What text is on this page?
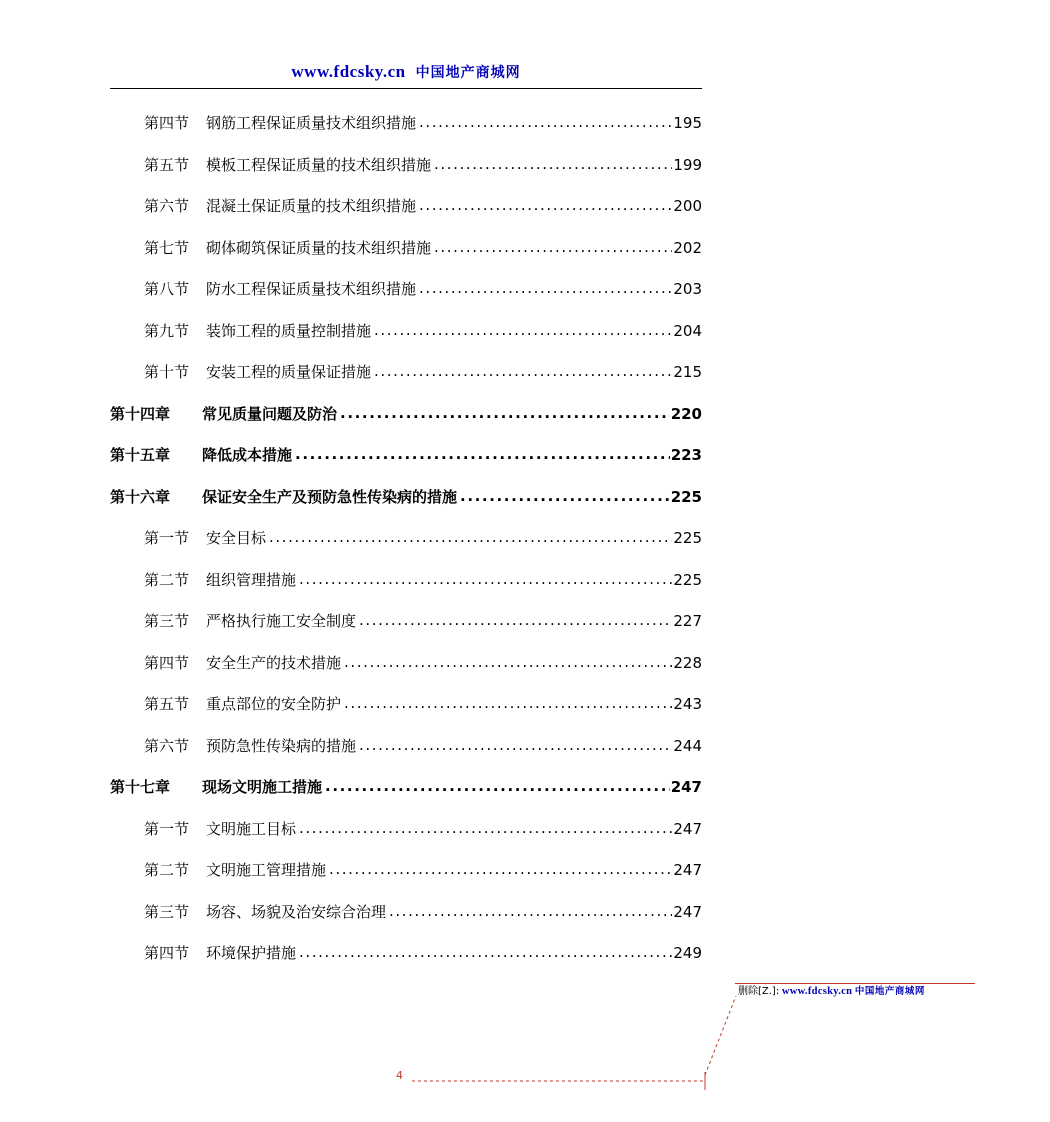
www.fdcsky.cn 中国地产商城网
第四节	钢筋工程保证质量技术组织措施 .....	195
第五节	模板工程保证质量的技术组织措施 .....	199
第六节	混凝土保证质量的技术组织措施 .....	200
第七节	砌体砌筑保证质量的技术组织措施 .....	202
第八节	防水工程保证质量技术组织措施 .....	203
第九节	装饰工程的质量控制措施 .....	204
第十节	安装工程的质量保证措施 .....	215
第十四章	常见质量问题及防治 .....	220
第十五章	降低成本措施 .....	223
第十六章	保证安全生产及预防急性传染病的措施 .....	225
第一节	安全目标 .....	225
第二节	组织管理措施 .....	225
第三节	严格执行施工安全制度 .....	227
第四节	安全生产的技术措施 .....	228
第五节	重点部位的安全防护 .....	243
第六节	预防急性传染病的措施 .....	244
第十七章	现场文明施工措施 .....	247
第一节	文明施工目标 .....	247
第二节	文明施工管理措施 .....	247
第三节	场容、场貌及治安综合治理 .....	247
第四节	环境保护措施 .....	249
删除[Z.]: www.fdcsky.cn 中国地产商城网
4
